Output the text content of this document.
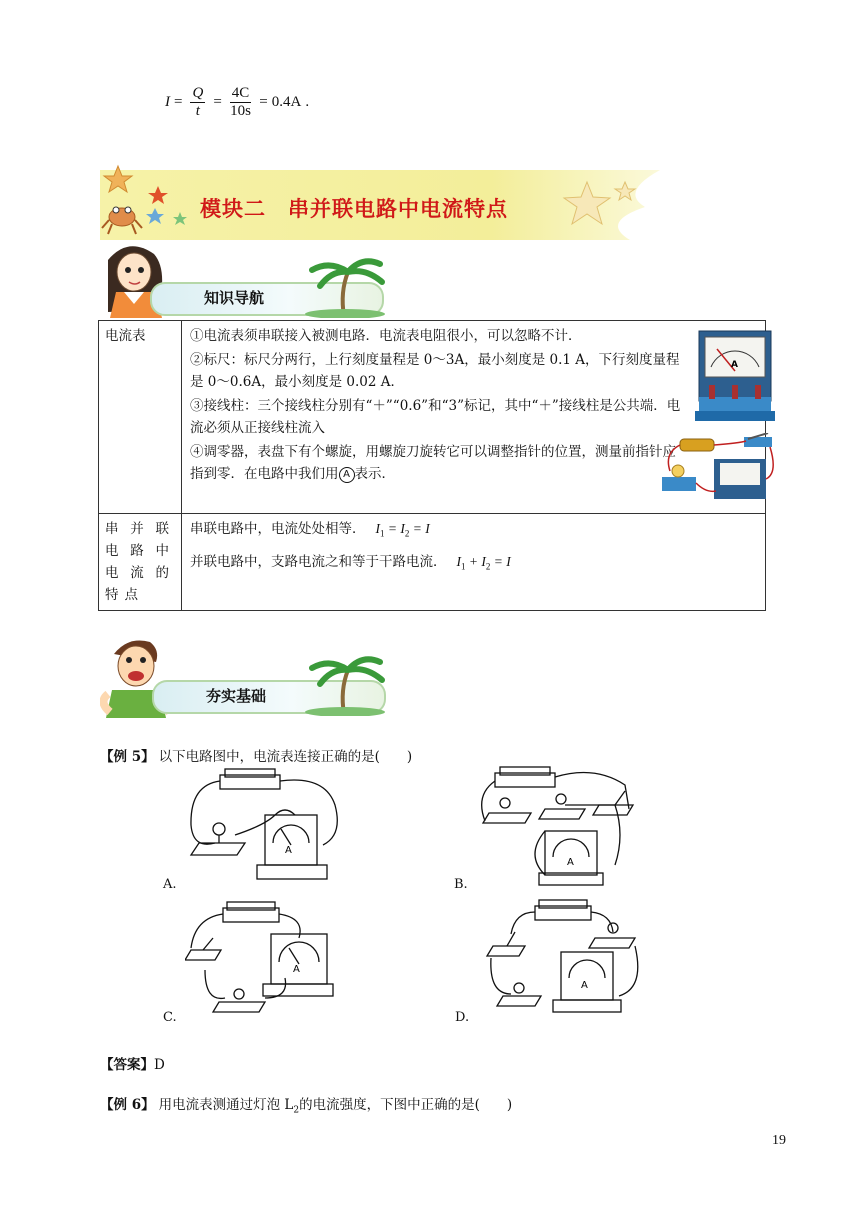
$I = \frac{Q}{t} = \frac{4C}{10s} = 0.4A$ .
模块二　串并联电路中电流特点
知识导航
电流表	①电流表须串联接入被测电路．电流表电阻很小，可以忽略不计．
②标尺：标尺分两行，上行刻度量程是 0～3A，最小刻度是 0.1 A，下行刻度量程是 0～0.6A，最小刻度是 0.02 A．
③接线柱：三个接线柱分别有“＋”“0.6”和“3”标记，其中“＋”接线柱是公共端．电流必须从正接线柱流入
④调零器，表盘下有个螺旋，用螺旋刀旋转它可以调整指针的位置，测量前指针应指到零．在电路中我们用 A 表示．
A

串并联电路中电流的特点	串联电路中，电流处处相等． $I_1 = I_2 = I$
并联电路中，支路电流之和等于干路电流． $I_1 + I_2 = I$
夯实基础
【例 5】 以下电路图中，电流表连接正确的是(　　)
A
A.
A
B.
A
C.
A
D.
【答案】D
【例 6】 用电流表测通过灯泡 $L_2$的电流强度，下图中正确的是(　　)
19
